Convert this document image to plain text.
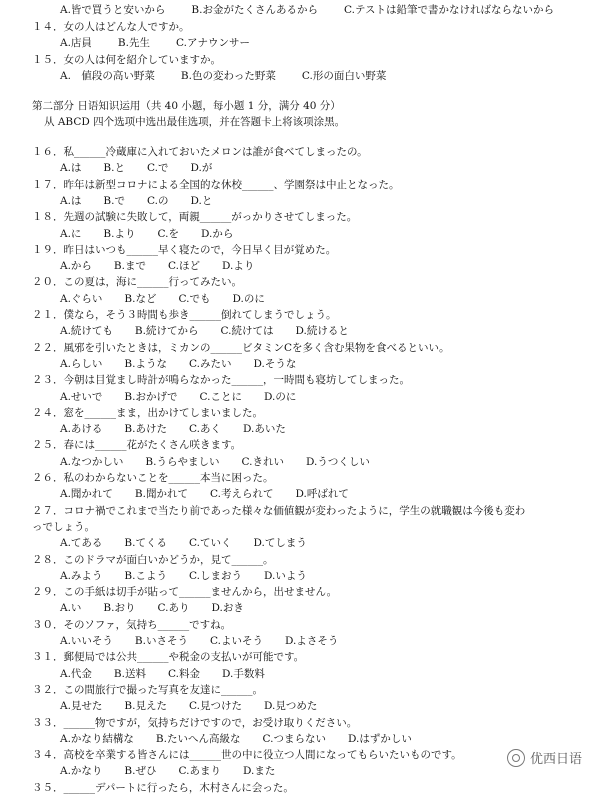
A.皆で買うと安いから B.お金がたくさんあるから C.テストは鉛筆で書かなければならないから
１４．女の人はどんな人ですか。
A.店員 B.先生 C.アナウンサー
１５．女の人は何を紹介していますか。
A.　値段の高い野菜 B.色の変わった野菜 C.形の面白い野菜
第二部分 日语知识运用（共 40 小题，每小题 1 分，满分 40 分）
从 ABCD 四个选项中选出最佳选项，并在答题卡上将该项涂黑。
１６．私______冷蔵庫に入れておいたメロンは誰が食べてしまったの。
A.は B.と C.で D.が
１７．昨年は新型コロナによる全国的な休校______、学園祭は中止となった。
A.は B.で C.の D.と
１８．先週の試験に失敗して，両親______がっかりさせてしまった。
A.に B.より C.を D.から
１９．昨日はいつも______早く寝たので，今日早く目が覚めた。
A.から B.まで C.ほど D.より
２０．この夏は，海に______行ってみたい。
A.ぐらい B.など C.でも D.のに
２１．僕なら，そう３時間も歩き______倒れてしまうでしょう。
A.続けても B.続けてから C.続けては D.続けると
２２．風邪を引いたときは，ミカンの______ビタミンCを多く含む果物を食べるといい。
A.らしい B.ような C.みたい D.そうな
２３．今朝は目覚まし時計が鳴らなかった______，一時間も寝坊してしまった。
A.せいで B.おかげで C.ことに D.のに
２４．窓を______まま，出かけてしまいました。
A.あける B.あけた C.あく D.あいた
２５．春には______花がたくさん咲きます。
A.なつかしい B.うらやましい C.きれい D.うつくしい
２６．私のわからないことを______本当に困った。
A.聞かれて B.聞かれて C.考えられて D.呼ばれて
２７．コロナ禍でこれまで当たり前であった様々な価値観が変わったように，学生の就職観は今後も変わ
っでしょう。
A.てある B.てくる C.ていく D.てしまう
２８．このドラマが面白いかどうか，見て______。
A.みよう B.こよう C.しまおう D.いよう
２９．この手紙は切手が貼って______ませんから，出せません。
A.い B.おり C.あり D.おき
３０．そのソファ，気持ち______ですね。
A.いいそう B.いさそう C.よいそう D.よさそう
３１．郵便局では公共______や税金の支払いが可能です。
A.代金 B.送料 C.料金 D.手数料
３２．この間旅行で撮った写真を友達に______。
A.見せた B.見えた C.見つけた D.見つめた
３３．______物ですが，気持ちだけですので，お受け取りください。
A.かなり結構な B.たいへん高級な C.つまらない D.はずかしい
３４．高校を卒業する皆さんには______世の中に役立つ人間になってもらいたいものです。
A.かなり B.ぜひ C.あまり D.また
３５．______デパートに行ったら，木村さんに会った。
优西日语
